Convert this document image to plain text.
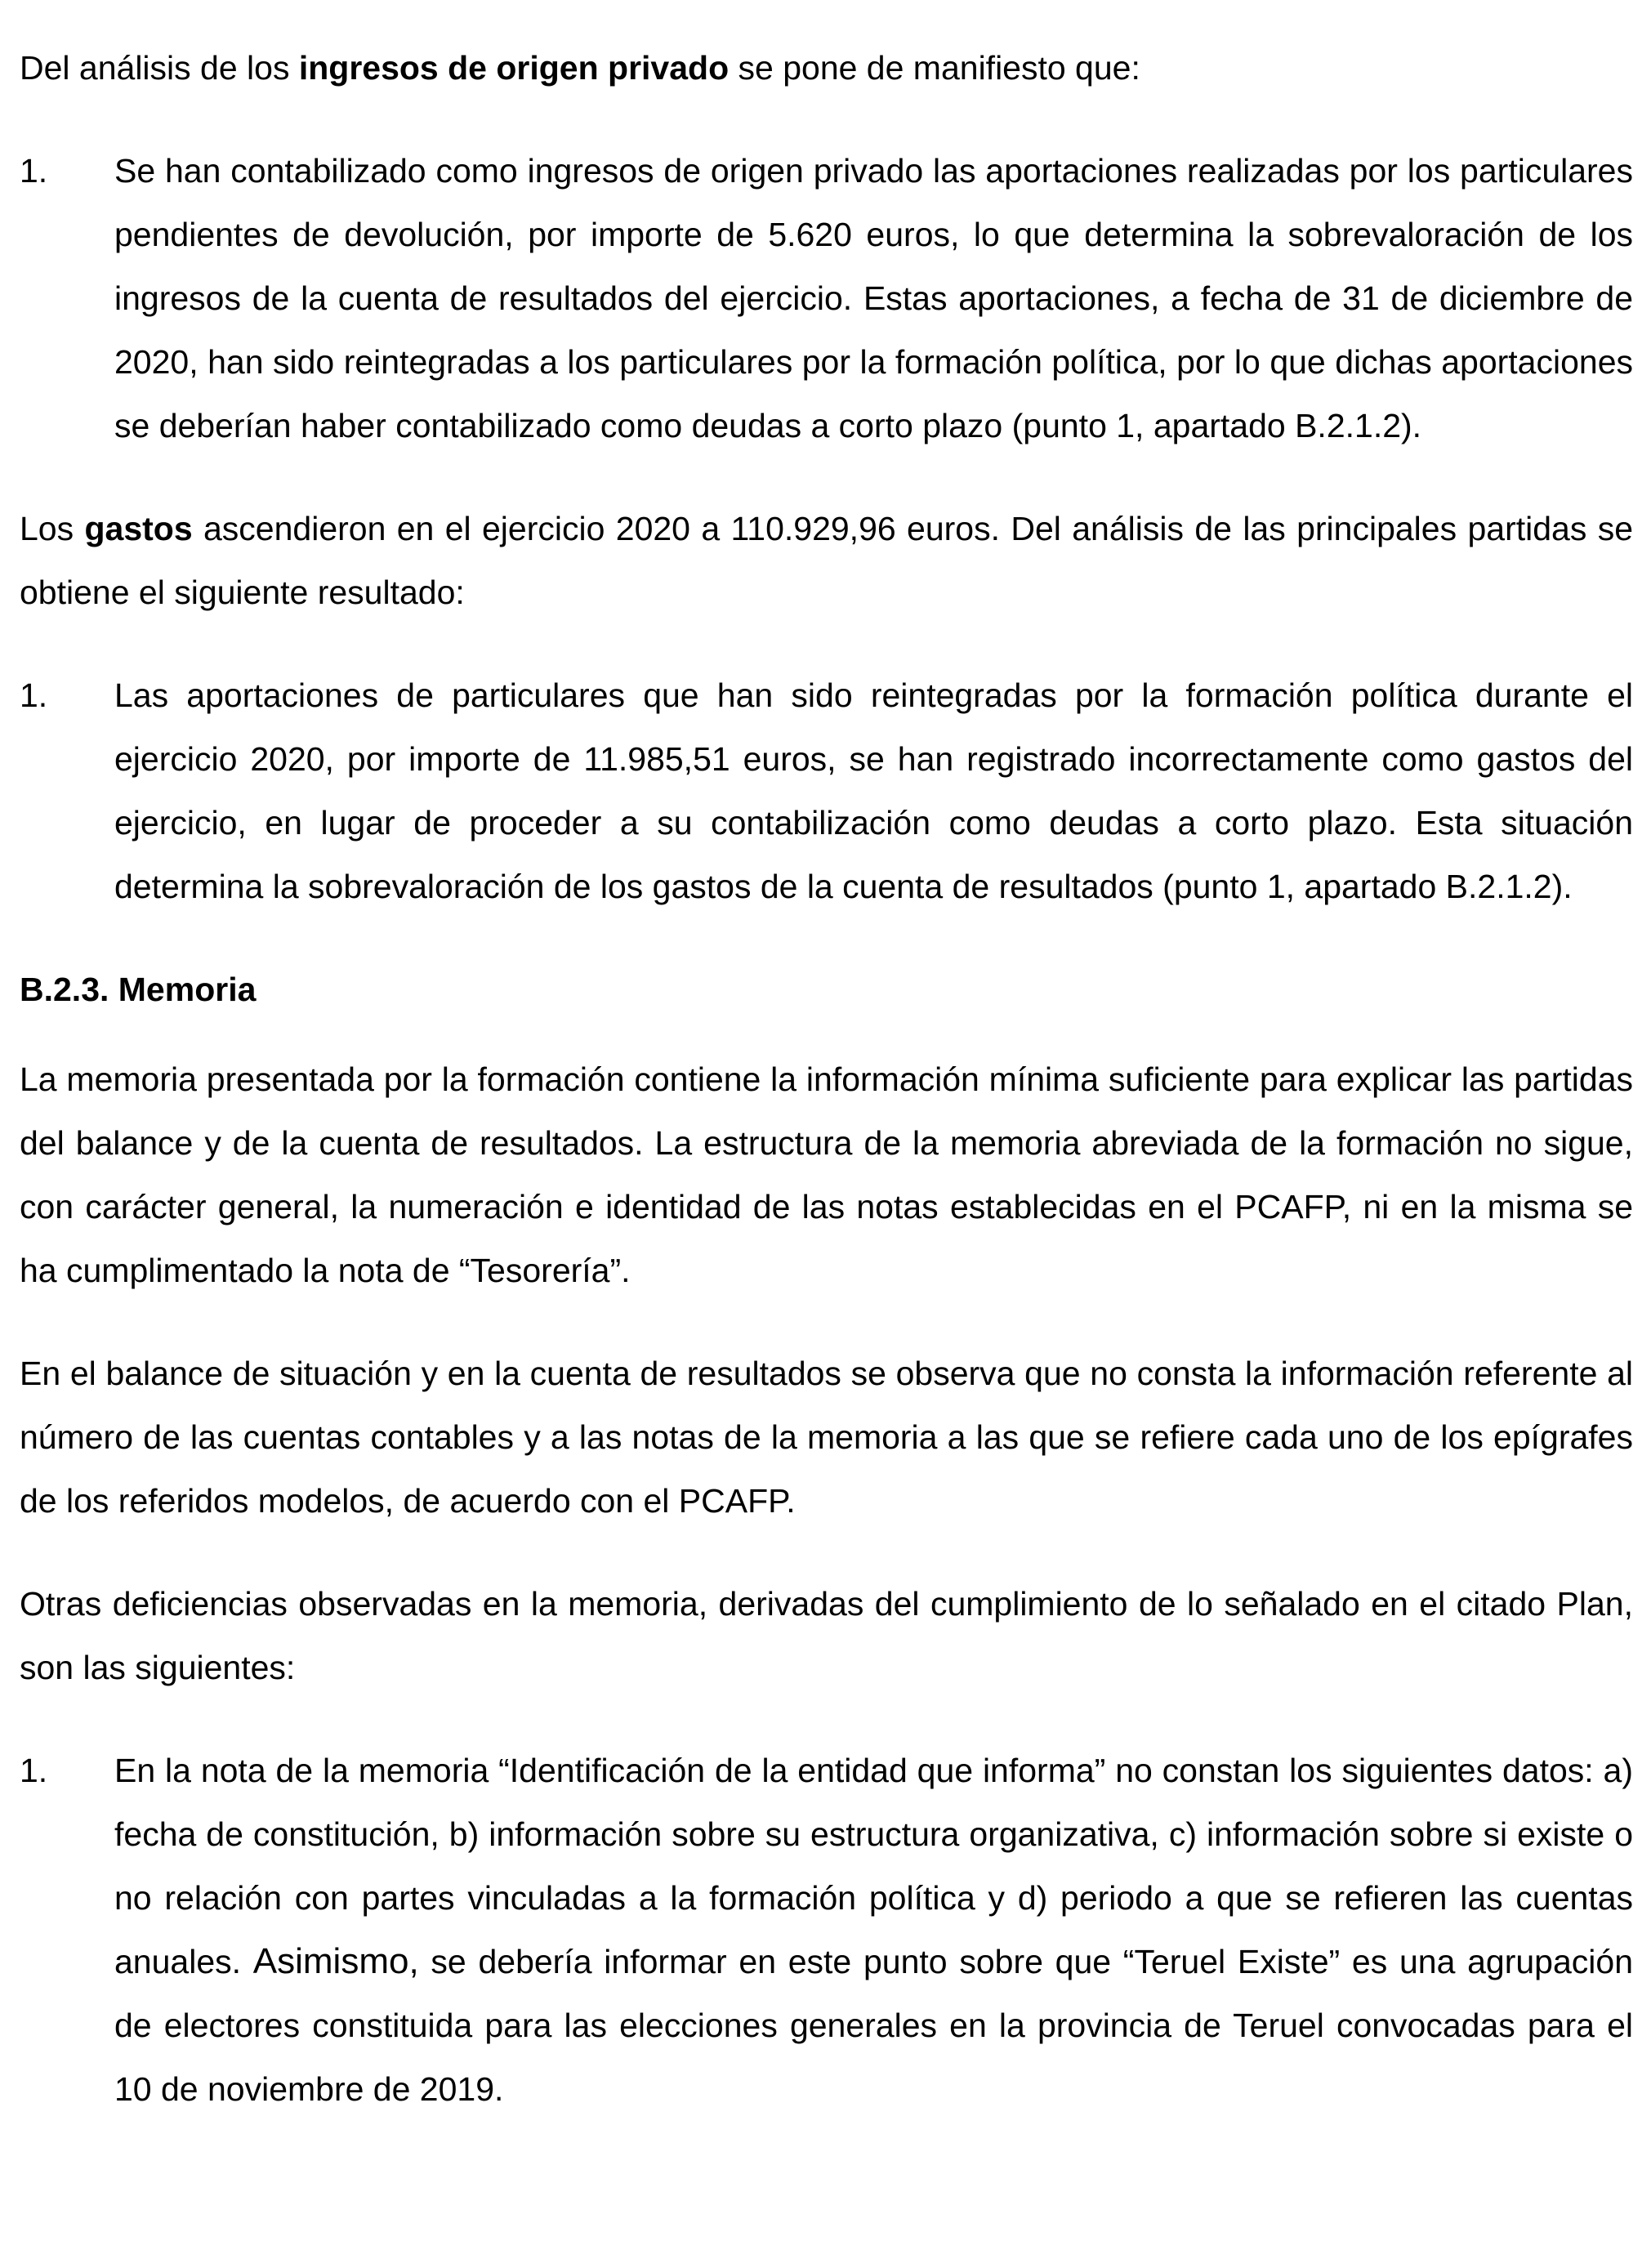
Del análisis de los ingresos de origen privado se pone de manifiesto que:

1.	Se han contabilizado como ingresos de origen privado las aportaciones realizadas por los particulares pendientes de devolución, por importe de 5.620 euros, lo que determina la sobrevaloración de los ingresos de la cuenta de resultados del ejercicio. Estas aportaciones, a fecha de 31 de diciembre de 2020, han sido reintegradas a los particulares por la formación política, por lo que dichas aportaciones se deberían haber contabilizado como deudas a corto plazo (punto 1, apartado B.2.1.2).

Los gastos ascendieron en el ejercicio 2020 a 110.929,96 euros. Del análisis de las principales partidas se obtiene el siguiente resultado:

1.	Las aportaciones de particulares que han sido reintegradas por la formación política durante el ejercicio 2020, por importe de 11.985,51 euros, se han registrado incorrectamente como gastos del ejercicio, en lugar de proceder a su contabilización como deudas a corto plazo. Esta situación determina la sobrevaloración de los gastos de la cuenta de resultados (punto 1, apartado B.2.1.2).

B.2.3. Memoria

La memoria presentada por la formación contiene la información mínima suficiente para explicar las partidas del balance y de la cuenta de resultados. La estructura de la memoria abreviada de la formación no sigue, con carácter general, la numeración e identidad de las notas establecidas en el PCAFP, ni en la misma se ha cumplimentado la nota de “Tesorería”.

En el balance de situación y en la cuenta de resultados se observa que no consta la información referente al número de las cuentas contables y a las notas de la memoria a las que se refiere cada uno de los epígrafes de los referidos modelos, de acuerdo con el PCAFP.

Otras deficiencias observadas en la memoria, derivadas del cumplimiento de lo señalado en el citado Plan, son las siguientes:

1.	En la nota de la memoria “Identificación de la entidad que informa” no constan los siguientes datos: a) fecha de constitución, b) información sobre su estructura organizativa, c) información sobre si existe o no relación con partes vinculadas a la formación política y d) periodo a que se refieren las cuentas anuales. Asimismo, se debería informar en este punto sobre que “Teruel Existe” es una agrupación de electores constituida para las elecciones generales en la provincia de Teruel convocadas para el 10 de noviembre de 2019.
